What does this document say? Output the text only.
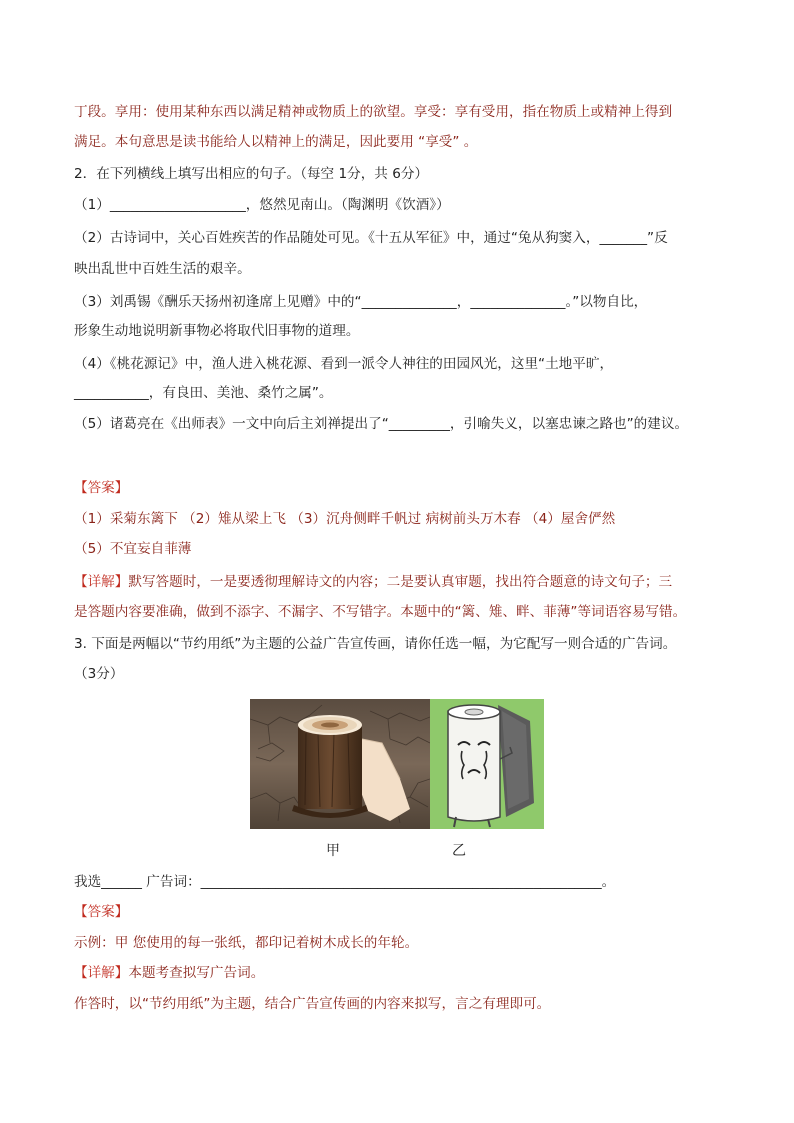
丁段。享用：使用某种东西以满足精神或物质上的欲望。享受：享有受用，指在物质上或精神上得到
满足。本句意思是读书能给人以精神上的满足，因此要用 “享受” 。
2．在下列横线上填写出相应的句子。（每空 1分，共 6分）
（1）____________________，悠然见南山。（陶渊明《饮酒》）
（2）古诗词中，关心百姓疾苦的作品随处可见。《十五从军征》中，通过“兔从狗窦入，_______”反
映出乱世中百姓生活的艰辛。
（3）刘禹锡《酬乐天扬州初逢席上见赠》中的“______________，______________。”以物自比，
形象生动地说明新事物必将取代旧事物的道理。
（4）《桃花源记》中，渔人进入桃花源、看到一派令人神往的田园风光，这里“土地平旷，
___________，有良田、美池、桑竹之属”。
（5）诸葛亮在《出师表》一文中向后主刘禅提出了“_________，引喻失义，以塞忠谏之路也”的建议。
【答案】
（1）采菊东篱下 （2）雉从梁上飞 （3）沉舟侧畔千帆过 病树前头万木春 （4）屋舍俨然
（5）不宜妄自菲薄
【详解】默写答题时，一是要透彻理解诗文的内容；二是要认真审题，找出符合题意的诗文句子；三
是答题内容要准确，做到不添字、不漏字、不写错字。本题中的“篱、雉、畔、菲薄”等词语容易写错。
3. 下面是两幅以“节约用纸”为主题的公益广告宣传画，请你任选一幅，为它配写一则合适的广告词。
（3分）
甲	乙
我选______ 广告词：___________________________________________________________。
【答案】
示例：甲 您使用的每一张纸，都印记着树木成长的年轮。
【详解】本题考查拟写广告词。
作答时，以“节约用纸”为主题，结合广告宣传画的内容来拟写，言之有理即可。
